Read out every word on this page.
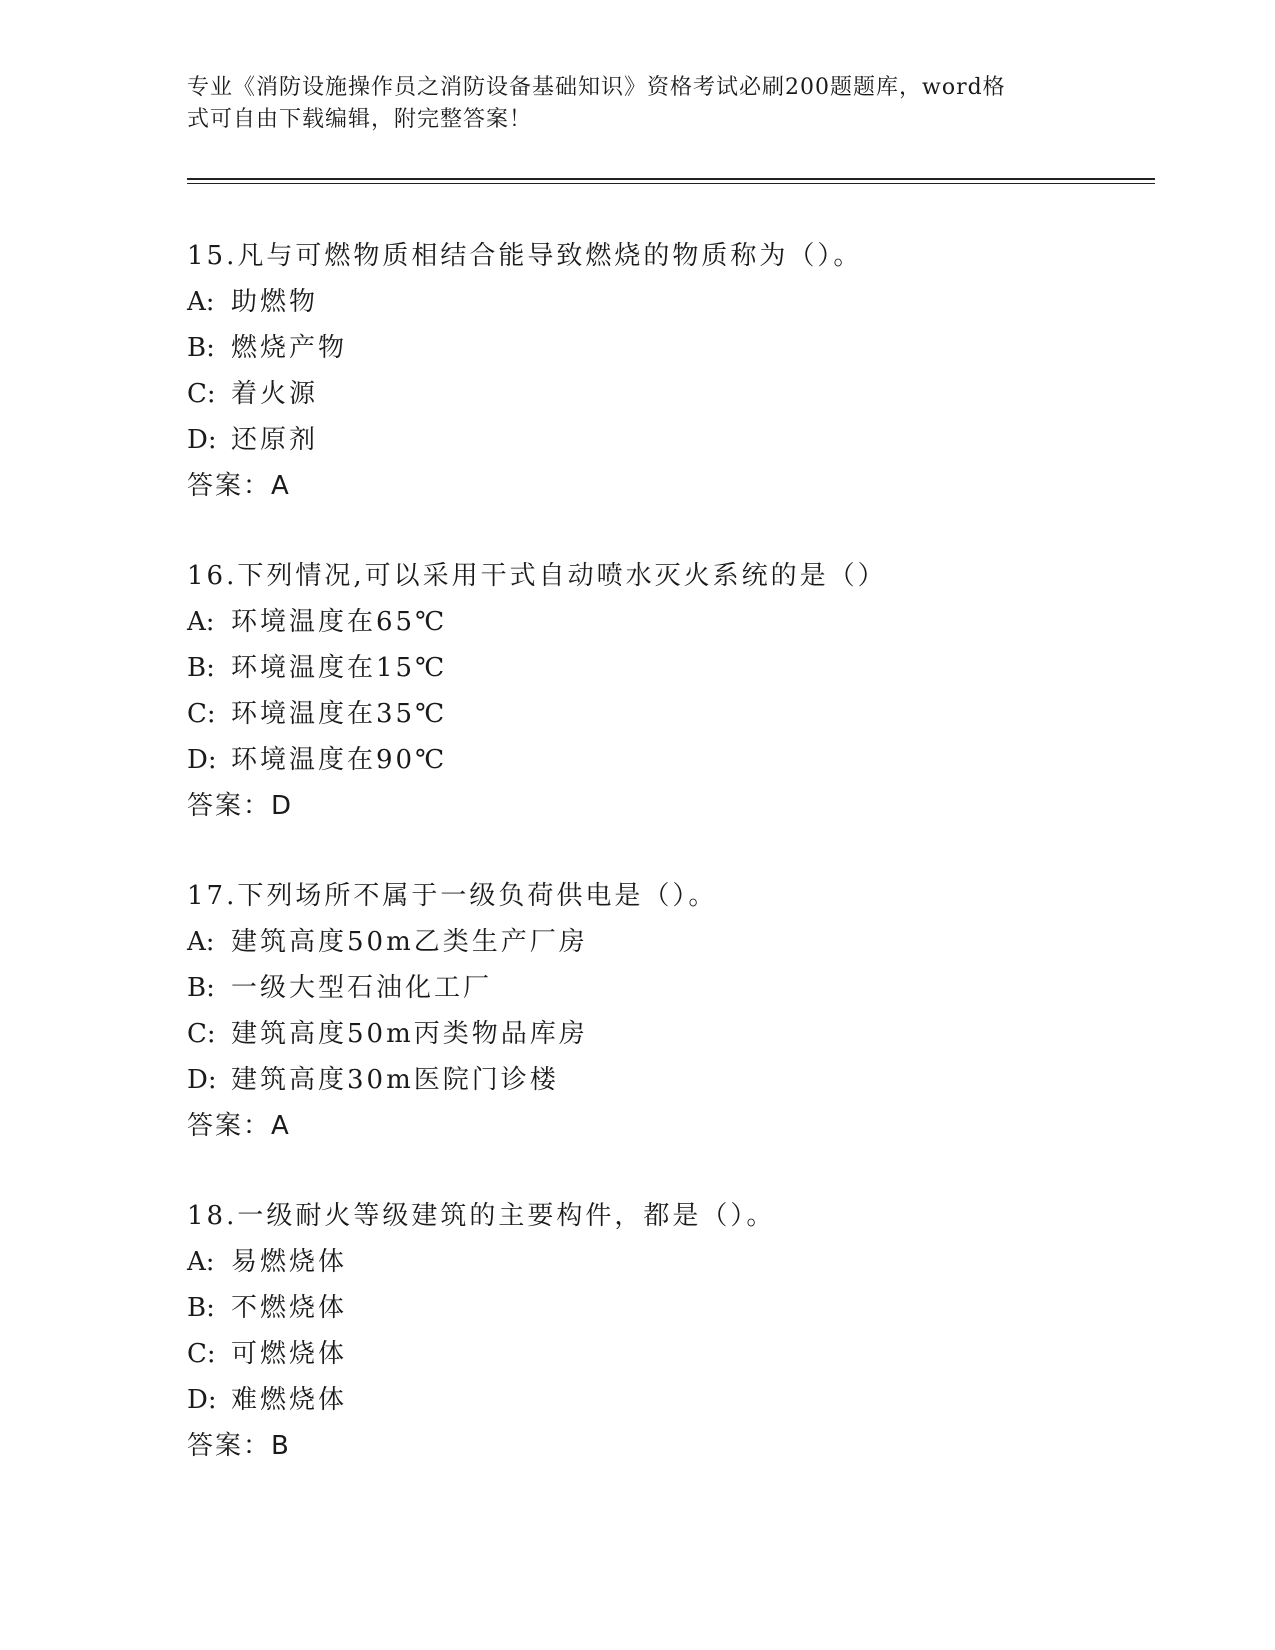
专业《消防设施操作员之消防设备基础知识》资格考试必刷200题题库，word格
式可自由下载编辑，附完整答案！
15.凡与可燃物质相结合能导致燃烧的物质称为（）。
A: 助燃物
B: 燃烧产物
C: 着火源
D: 还原剂
答案：A
16.下列情况,可以采用干式自动喷水灭火系统的是（）
A: 环境温度在65℃
B: 环境温度在15℃
C: 环境温度在35℃
D: 环境温度在90℃
答案：D
17.下列场所不属于一级负荷供电是（）。
A: 建筑高度50m乙类生产厂房
B: 一级大型石油化工厂
C: 建筑高度50m丙类物品库房
D: 建筑高度30m医院门诊楼
答案：A
18.一级耐火等级建筑的主要构件，都是（）。
A: 易燃烧体
B: 不燃烧体
C: 可燃烧体
D: 难燃烧体
答案：B
